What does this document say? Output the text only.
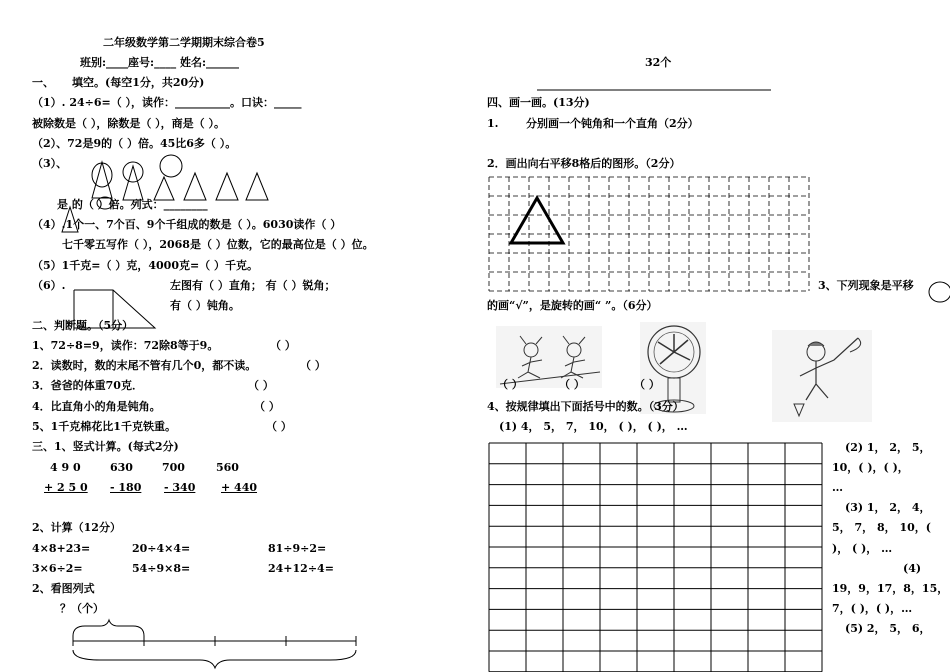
二年级数学第二学期期末综合卷5
班别:____座号:____ 姓名:______
一、 填空。(每空1分，共20分)
（1）. 24÷6=（ ），读作：__________。口诀：_____
被除数是（ ），除数是（ ），商是（ ）。
（2）、72是9的（ ）倍。45比6多（ ）。
（3）、
是 的（ ）倍。列式：________
（4）.1个一、7个百、9个千组成的数是（ ）。6030读作（ ）
七千零五写作（ ），2068是（ ）位数，它的最高位是（ ）位。
（5）1千克=（ ）克，4000克=（ ）千克。
（6）.	左图有（ ）直角； 有（ ）锐角；
有（ ）钝角。
二、判断题。（5分）
1、72÷8=9，读作：72除8等于9。	（ ）
2．读数时，数的末尾不管有几个0，都不读。	（ ）
3．爸爸的体重70克．	（ ）
4．比直角小的角是钝角。	（ ）
5、1千克棉花比1千克铁重。	（ ）
三、1、竖式计算。(每式2分)
4 9 0	630	700	560
+ 2 5 0 - 180 - 340 + 440
2、计算（12分）
4×8+23=	20÷4×4=	81÷9÷2=
3×6÷2=	54÷9×8=	24+12÷4=
2、看图列式
？（个）
32个
四、画一画。(13分)
1.	分别画一个钝角和一个直角（2分）
2．画出向右平移8格后的图形。（2分）
3、下列现象是平移
的画“√”，是旋转的画“ ”。（6分）
（ ）	（ ）	（ ）
4、按规律填出下面括号中的数。（3分）
(1) 4， 5， 7， 10， ( )， ( )， …
(2) 1， 2， 5，
10，( )，( )，
…
(3) 1， 2， 4，
5， 7， 8， 10，(
)， ( )， …
(4)
19，9，17，8，15，
7，( )，( )，…
(5) 2， 5， 6，
